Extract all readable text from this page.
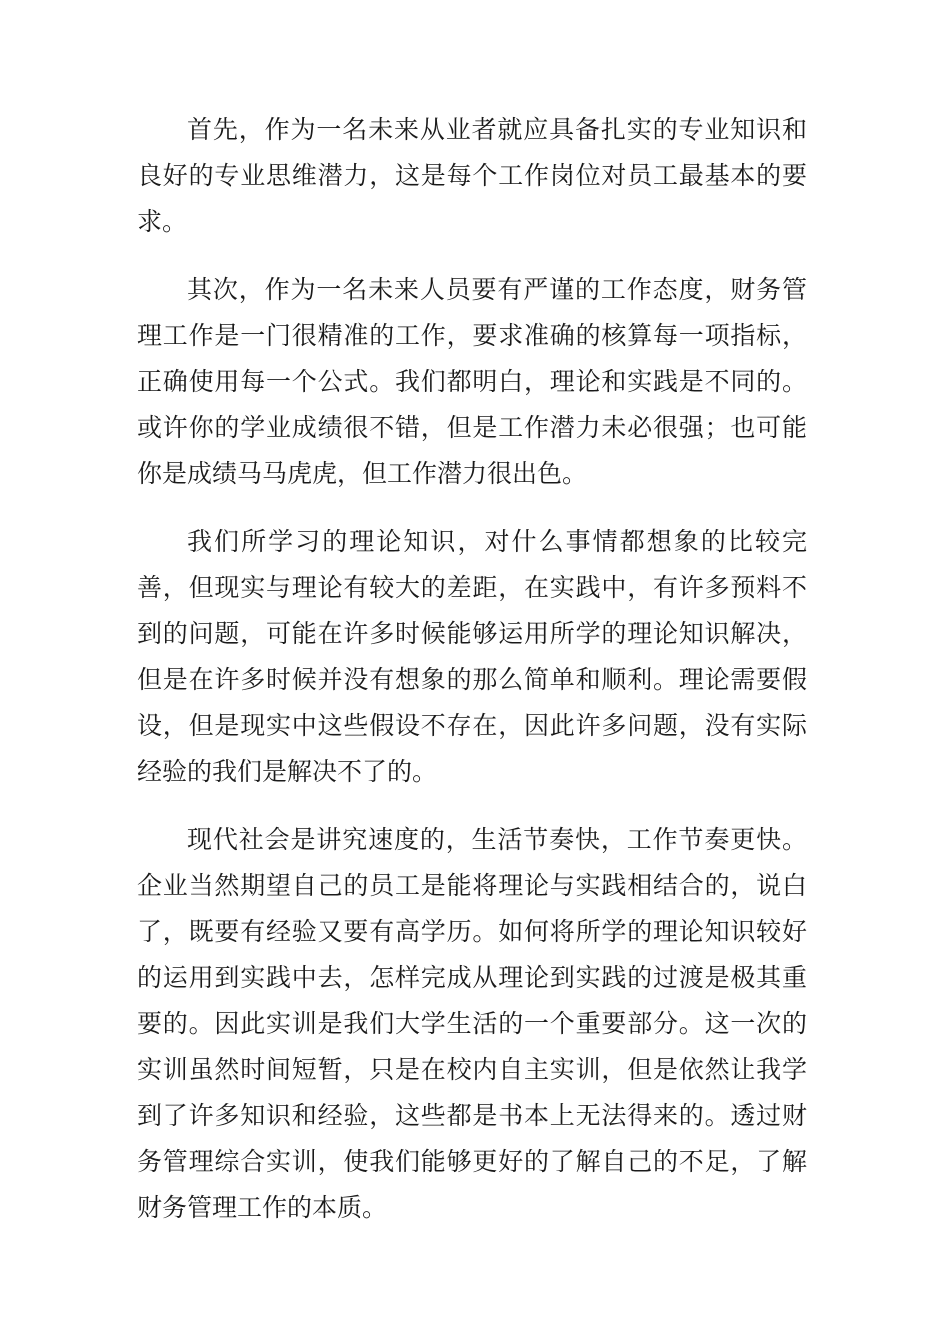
首先，作为一名未来从业者就应具备扎实的专业知识和
良好的专业思维潜力，这是每个工作岗位对员工最基本的要
求。
其次，作为一名未来人员要有严谨的工作态度，财务管
理工作是一门很精准的工作，要求准确的核算每一项指标，
正确使用每一个公式。我们都明白，理论和实践是不同的。
或许你的学业成绩很不错，但是工作潜力未必很强；也可能
你是成绩马马虎虎，但工作潜力很出色。
我们所学习的理论知识，对什么事情都想象的比较完
善，但现实与理论有较大的差距，在实践中，有许多预料不
到的问题，可能在许多时候能够运用所学的理论知识解决，
但是在许多时候并没有想象的那么简单和顺利。理论需要假
设，但是现实中这些假设不存在，因此许多问题，没有实际
经验的我们是解决不了的。
现代社会是讲究速度的，生活节奏快，工作节奏更快。
企业当然期望自己的员工是能将理论与实践相结合的，说白
了，既要有经验又要有高学历。如何将所学的理论知识较好
的运用到实践中去，怎样完成从理论到实践的过渡是极其重
要的。因此实训是我们大学生活的一个重要部分。这一次的
实训虽然时间短暂，只是在校内自主实训，但是依然让我学
到了许多知识和经验，这些都是书本上无法得来的。透过财
务管理综合实训，使我们能够更好的了解自己的不足，了解
财务管理工作的本质。
